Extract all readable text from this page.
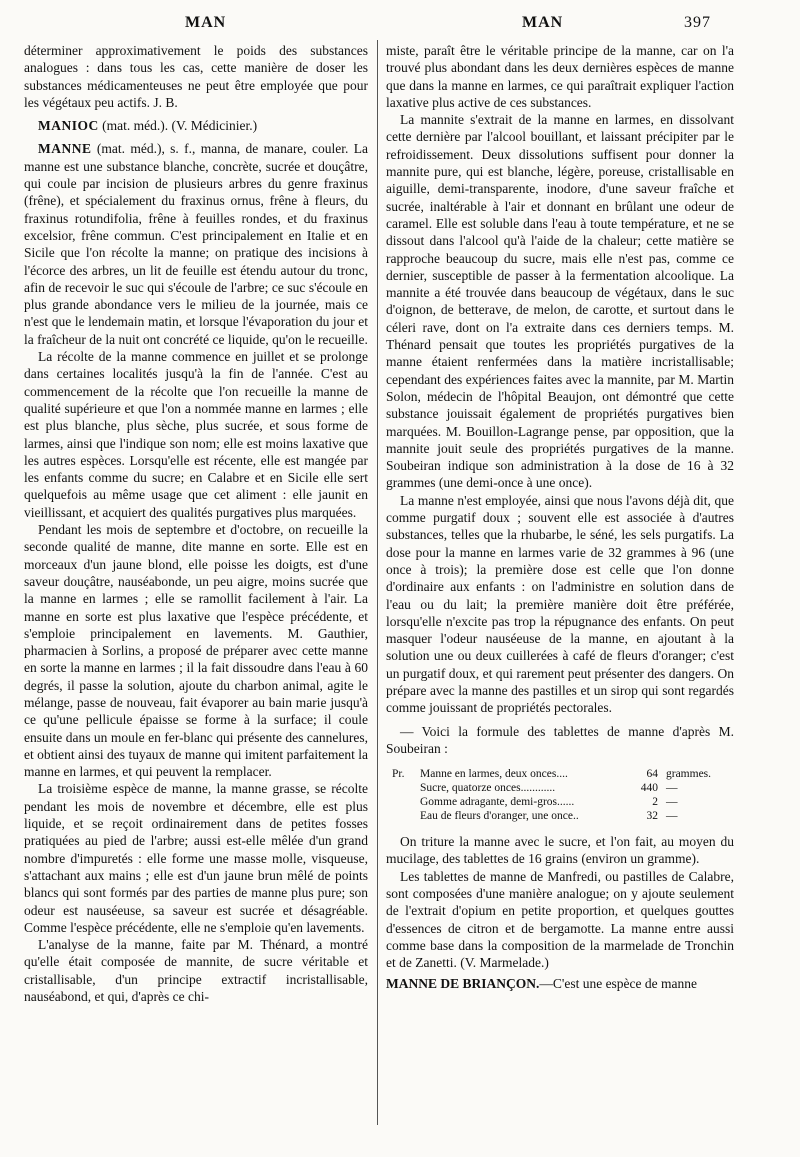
MAN	MAN	397

déterminer approximativement le poids des substances analogues : dans tous les cas, cette manière de doser les substances médicamenteuses ne peut être employée que pour les végétaux peu actifs. J. B.

MANIOC (mat. méd.). (V. Médicinier.)

MANNE (mat. méd.), s. f., manna, de manare, couler. La manne est une substance blanche, concrète, sucrée et douçâtre, qui coule par incision de plusieurs arbres du genre fraxinus (frêne), et spécialement du fraxinus ornus, frêne à fleurs, du fraxinus rotundifolia, frêne à feuilles rondes, et du fraxinus excelsior, frêne commun. C'est principalement en Italie et en Sicile que l'on récolte la manne; on pratique des incisions à l'écorce des arbres, un lit de feuille est étendu autour du tronc, afin de recevoir le suc qui s'écoule de l'arbre; ce suc s'écoule en plus grande abondance vers le milieu de la journée, mais ce n'est que le lendemain matin, et lorsque l'évaporation du jour et la fraîcheur de la nuit ont concrété ce liquide, qu'on le recueille.

La récolte de la manne commence en juillet et se prolonge dans certaines localités jusqu'à la fin de l'année. C'est au commencement de la récolte que l'on recueille la manne de qualité supérieure et que l'on a nommée manne en larmes ; elle est plus blanche, plus sèche, plus sucrée, et sous forme de larmes, ainsi que l'indique son nom; elle est moins laxative que les autres espèces. Lorsqu'elle est récente, elle est mangée par les enfants comme du sucre; en Calabre et en Sicile elle sert quelquefois au même usage que cet aliment : elle jaunit en vieillissant, et acquiert des qualités purgatives plus marquées.

Pendant les mois de septembre et d'octobre, on recueille la seconde qualité de manne, dite manne en sorte. Elle est en morceaux d'un jaune blond, elle poisse les doigts, est d'une saveur douçâtre, nauséabonde, un peu aigre, moins sucrée que la manne en larmes ; elle se ramollit facilement à l'air. La manne en sorte est plus laxative que l'espèce précédente, et s'emploie principalement en lavements. M. Gauthier, pharmacien à Sorlins, a proposé de préparer avec cette manne en sorte la manne en larmes ; il la fait dissoudre dans l'eau à 60 degrés, il passe la solution, ajoute du charbon animal, agite le mélange, passe de nouveau, fait évaporer au bain marie jusqu'à ce qu'une pellicule épaisse se forme à la surface; il coule ensuite dans un moule en fer-blanc qui présente des cannelures, et obtient ainsi des tuyaux de manne qui imitent parfaitement la manne en larmes, et qui peuvent la remplacer.

La troisième espèce de manne, la manne grasse, se récolte pendant les mois de novembre et décembre, elle est plus liquide, et se reçoit ordinairement dans de petites fosses pratiquées au pied de l'arbre; aussi est-elle mêlée d'un grand nombre d'impuretés : elle forme une masse molle, visqueuse, s'attachant aux mains ; elle est d'un jaune brun mêlé de points blancs qui sont formés par des parties de manne plus pure; son odeur est nauséeuse, sa saveur est sucrée et désagréable. Comme l'espèce précédente, elle ne s'emploie qu'en lavements.

L'analyse de la manne, faite par M. Thénard, a montré qu'elle était composée de mannite, de sucre véritable et cristallisable, d'un principe extractif incristallisable, nauséabond, et qui, d'après ce chi-

miste, paraît être le véritable principe de la manne, car on l'a trouvé plus abondant dans les deux dernières espèces de manne que dans la manne en larmes, ce qui paraîtrait expliquer l'action laxative plus active de ces substances.

La mannite s'extrait de la manne en larmes, en dissolvant cette dernière par l'alcool bouillant, et laissant précipiter par le refroidissement. Deux dissolutions suffisent pour donner la mannite pure, qui est blanche, légère, poreuse, cristallisable en aiguille, demi-transparente, inodore, d'une saveur fraîche et sucrée, inaltérable à l'air et donnant en brûlant une odeur de caramel. Elle est soluble dans l'eau à toute température, et ne se dissout dans l'alcool qu'à l'aide de la chaleur; cette matière se rapproche beaucoup du sucre, mais elle n'est pas, comme ce dernier, susceptible de passer à la fermentation alcoolique. La mannite a été trouvée dans beaucoup de végétaux, dans le suc d'oignon, de betterave, de melon, de carotte, et surtout dans le céleri rave, dont on l'a extraite dans ces derniers temps. M. Thénard pensait que toutes les propriétés purgatives de la manne étaient renfermées dans la matière incristallisable; cependant des expériences faites avec la mannite, par M. Martin Solon, médecin de l'hôpital Beaujon, ont démontré que cette substance jouissait également de propriétés purgatives bien marquées. M. Bouillon-Lagrange pense, par opposition, que la mannite jouit seule des propriétés purgatives de la manne. Soubeiran indique son administration à la dose de 16 à 32 grammes (une demi-once à une once).

La manne n'est employée, ainsi que nous l'avons déjà dit, que comme purgatif doux ; souvent elle est associée à d'autres substances, telles que la rhubarbe, le séné, les sels purgatifs. La dose pour la manne en larmes varie de 32 grammes à 96 (une once à trois); la première dose est celle que l'on donne d'ordinaire aux enfants : on l'administre en solution dans de l'eau ou du lait; la première manière doit être préférée, lorsqu'elle n'excite pas trop la répugnance des enfants. On peut masquer l'odeur nauséeuse de la manne, en ajoutant à la solution une ou deux cuillerées à café de fleurs d'oranger; c'est un purgatif doux, et qui rarement peut présenter des dangers. On prépare avec la manne des pastilles et un sirop qui sont regardés comme jouissant de propriétés pectorales.

— Voici la formule des tablettes de manne d'après M. Soubeiran :

Pr.	Manne en larmes, deux onces....	64 grammes.
Sucre, quatorze onces............	440 —
Gomme adragante, demi-gros......	2 —
Eau de fleurs d'oranger, une once..	32 —

On triture la manne avec le sucre, et l'on fait, au moyen du mucilage, des tablettes de 16 grains (environ un gramme).

Les tablettes de manne de Manfredi, ou pastilles de Calabre, sont composées d'une manière analogue; on y ajoute seulement de l'extrait d'opium en petite proportion, et quelques gouttes d'essences de citron et de bergamotte. La manne entre aussi comme base dans la composition de la marmelade de Tronchin et de Zanetti. (V. Marmelade.)

MANNE DE BRIANÇON.—C'est une espèce de manne
